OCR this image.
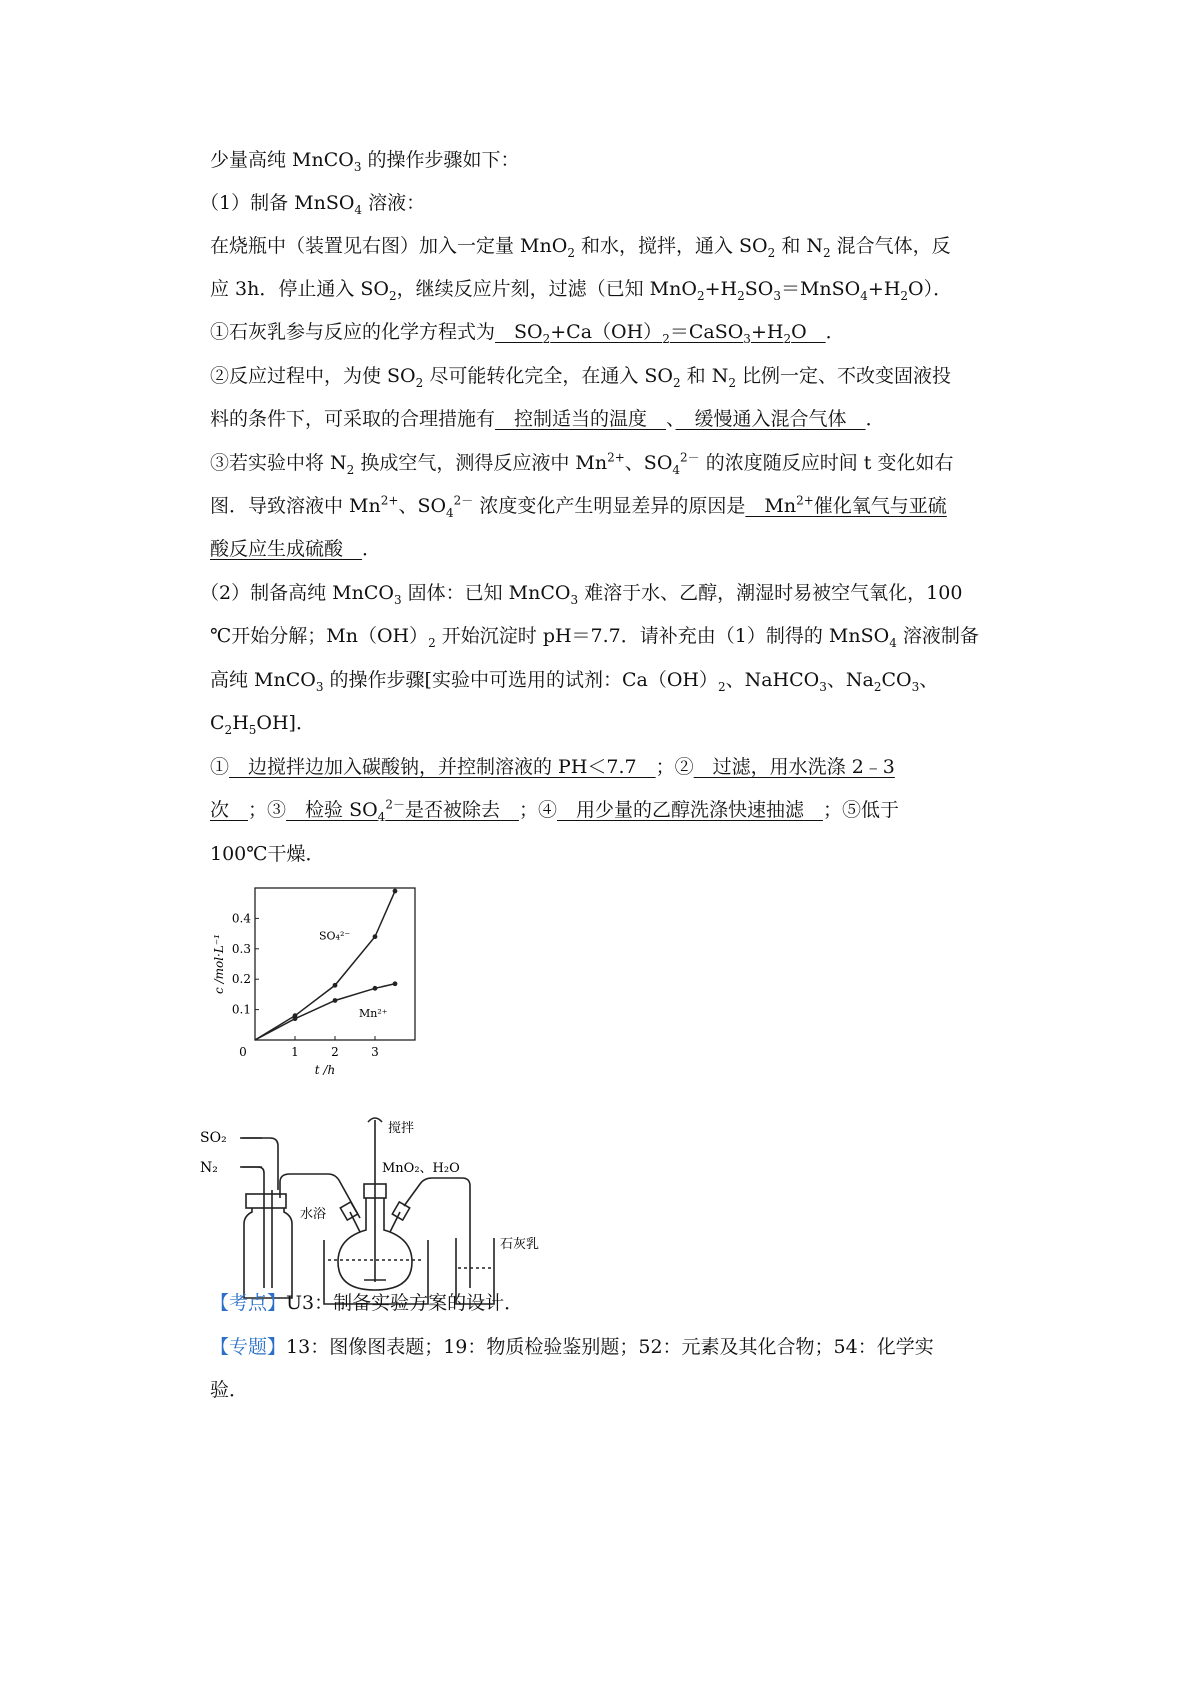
少量高纯 MnCO$_3$ 的操作步骤如下：
（1）制备 MnSO$_4$ 溶液：
在烧瓶中（装置见右图）加入一定量 MnO$_2$ 和水，搅拌，通入 $SO_2$ 和 $N_2$ 混合气体，反
应 3h．停止通入 $SO_2$，继续反应片刻，过滤（已知 $MnO_2+H_2SO_3=MnSO_4+H_2O$）．
①石灰乳参与反应的化学方程式为　$SO_2+Ca(OH)_2=CaSO_3+H_2O$　．
②反应过程中，为使 $SO_2$ 尽可能转化完全，在通入 $SO_2$ 和 $N_2$ 比例一定、不改变固液投
料的条件下，可采取的合理措施有　控制适当的温度　、　缓慢通入混合气体　．
③若实验中将 $N_2$ 换成空气，测得反应液中 $Mn^{2+}$、$SO_4^{2-}$ 的浓度随反应时间 t 变化如右
图．导致溶液中 $Mn^{2+}$、$SO_4^{2-}$ 浓度变化产生明显差异的原因是　$Mn^{2+}$催化氧气与亚硫
酸反应生成硫酸　．
（2）制备高纯 MnCO$_3$ 固体：已知 MnCO$_3$ 难溶于水、乙醇，潮湿时易被空气氧化，100
℃开始分解；$Mn(OH)_2$ 开始沉淀时 pH＝7.7．请补充由（1）制得的 MnSO$_4$ 溶液制备
高纯 MnCO$_3$ 的操作步骤[实验中可选用的试剂：$Ca(OH)_2$、NaHCO$_3$、$Na_2CO_3$、
$C_2H_5OH$]．
①　边搅拌边加入碳酸钠，并控制溶液的 PH＜7.7　；②　过滤，用水洗涤 2﹣3
次　；③　检验 $SO_4^{2-}$是否被除去　；④　用少量的乙醇洗涤快速抽滤　；⑤低于
100℃干燥．
0	1	2	3
0.1
0.2
0.3
0.4
t /h
c /mol·L⁻¹	SO₄²⁻
Mn²⁺
SO₂
N₂
搅拌
MnO₂、H₂O
水浴
石灰乳
【考点】U3：制备实验方案的设计．
【专题】13：图像图表题；19：物质检验鉴别题；52：元素及其化合物；54：化学实
验．
